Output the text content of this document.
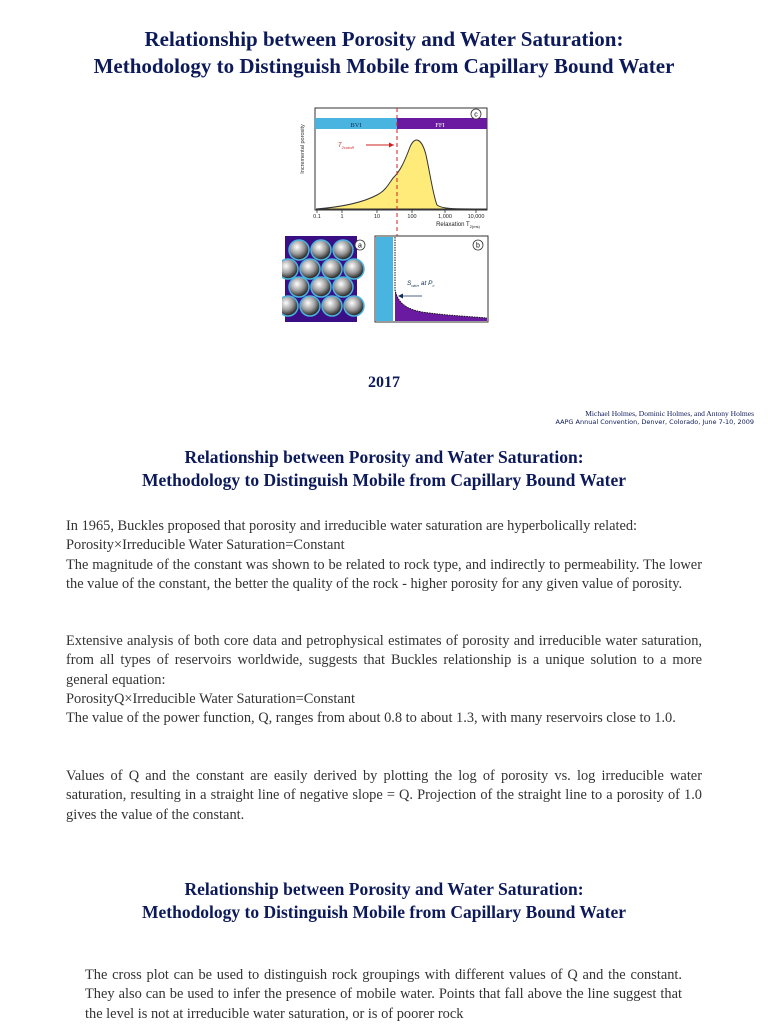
Relationship between Porosity and Water Saturation:
Methodology to Distinguish Mobile from Capillary Bound Water
BVI	FFI
c
Incremental porosity	$T_{2cutoff}$
0.1	1	10	100	1,000	10,000
Relaxation $T_{2(ms)}$
a
$S_{wirrr}$ at $P_c$
b
2017
Michael Holmes, Dominic Holmes, and Antony Holmes
AAPG Annual Convention, Denver, Colorado, June 7-10, 2009
Relationship between Porosity and Water Saturation:
Methodology to Distinguish Mobile from Capillary Bound Water
In 1965, Buckles proposed that porosity and irreducible water saturation are hyperbolically related:
Porosity×Irreducible Water Saturation=Constant
The magnitude of the constant was shown to be related to rock type, and indirectly to permeability. The lower the value of the constant, the better the quality of the rock - higher porosity for any given value of porosity.
Extensive analysis of both core data and petrophysical estimates of porosity and irreducible water saturation, from all types of reservoirs worldwide, suggests that Buckles relationship is a unique solution to a more general equation:
PorosityQ×Irreducible Water Saturation=Constant
The value of the power function, Q, ranges from about 0.8 to about 1.3, with many reservoirs close to 1.0.
Values of Q and the constant are easily derived by plotting the log of porosity vs. log irreducible water saturation, resulting in a straight line of negative slope = Q. Projection of the straight line to a porosity of 1.0 gives the value of the constant.
Relationship between Porosity and Water Saturation:
Methodology to Distinguish Mobile from Capillary Bound Water
The cross plot can be used to distinguish rock groupings with different values of Q and the constant. They also can be used to infer the presence of mobile water. Points that fall above the line suggest that the level is not at irreducible water saturation, or is of poorer rock
